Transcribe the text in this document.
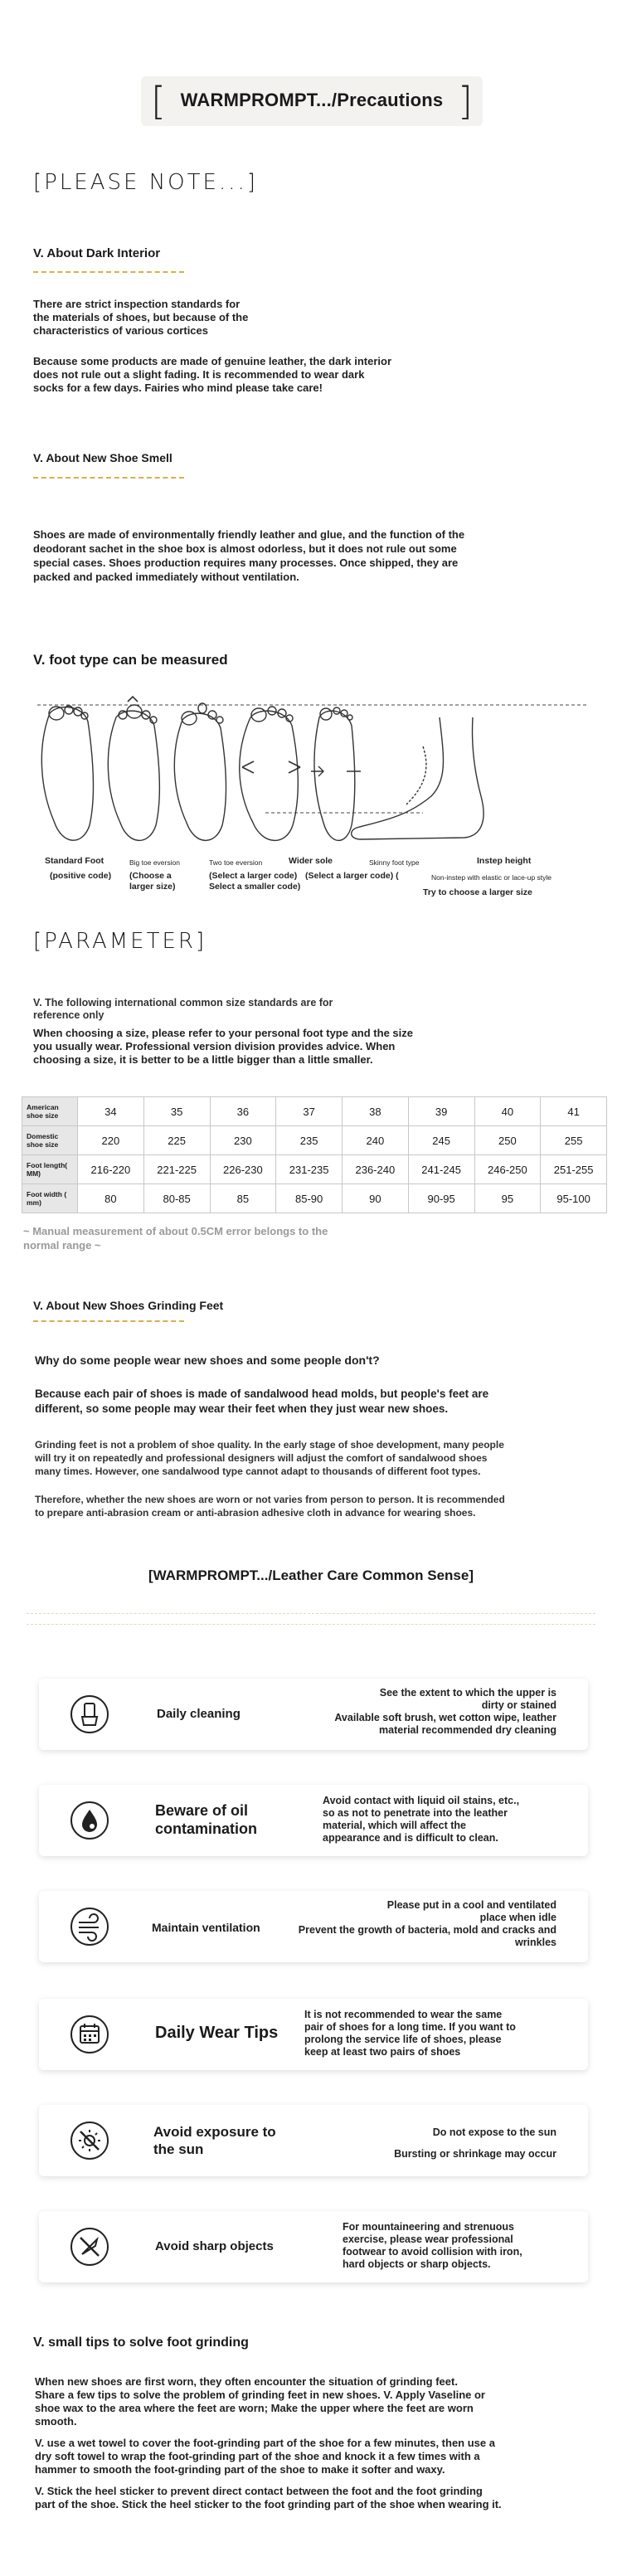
[ WARMPROMPT.../Precautions ]
[PLEASE NOTE...]
V. About Dark Interior
There are strict inspection standards for
the materials of shoes, but because of the
characteristics of various cortices
Because some products are made of genuine leather, the dark interior
does not rule out a slight fading. It is recommended to wear dark
socks for a few days. Fairies who mind please take care!
V. About New Shoe Smell
Shoes are made of environmentally friendly leather and glue, and the function of the
deodorant sachet in the shoe box is almost odorless, but it does not rule out some
special cases. Shoes production requires many processes. Once shipped, they are
packed and packed immediately without ventilation.
V. foot type can be measured
Standard Foot
(positive code)
Big toe eversion
(Choose a
larger size)
Two toe eversion
(Select a larger code)
Select a smaller code)
Wider sole
(Select a larger code) (
Skinny foot type	Instep height
Non-instep with elastic or lace-up style
Try to choose a larger size
[PARAMETER]
V. The following international common size standards are for
reference only
When choosing a size, please refer to your personal foot type and the size
you usually wear. Professional version division provides advice. When
choosing a size, it is better to be a little bigger than a little smaller.
American shoe size	34	35	36	37	38	39	40	41
Domestic shoe size	220	225	230	235	240	245	250	255
Foot length( MM)	216-220	221-225	226-230	231-235	236-240	241-245	246-250	251-255
Foot width ( mm)	80	80-85	85	85-90	90	90-95	95	95-100
~ Manual measurement of about 0.5CM error belongs to the
normal range ~
V. About New Shoes Grinding Feet
Why do some people wear new shoes and some people don't?
Because each pair of shoes is made of sandalwood head molds, but people's feet are
different, so some people may wear their feet when they just wear new shoes.
Grinding feet is not a problem of shoe quality. In the early stage of shoe development, many people
will try it on repeatedly and professional designers will adjust the comfort of sandalwood shoes
many times. However, one sandalwood type cannot adapt to thousands of different foot types.
Therefore, whether the new shoes are worn or not varies from person to person. It is recommended
to prepare anti-abrasion cream or anti-abrasion adhesive cloth in advance for wearing shoes.
[WARMPROMPT.../Leather Care Common Sense]
Daily cleaning
See the extent to which the upper is
dirty or stained
Available soft brush, wet cotton wipe, leather
material recommended dry cleaning
Beware of oil contamination
Avoid contact with liquid oil stains, etc.,
so as not to penetrate into the leather
material, which will affect the
appearance and is difficult to clean.
Maintain ventilation
Please put in a cool and ventilated
place when idle
Prevent the growth of bacteria, mold and cracks and
wrinkles
Daily Wear Tips
It is not recommended to wear the same
pair of shoes for a long time. If you want to
prolong the service life of shoes, please
keep at least two pairs of shoes
Avoid exposure to the sun
Do not expose to the sun
Bursting or shrinkage may occur
Avoid sharp objects
For mountaineering and strenuous
exercise, please wear professional
footwear to avoid collision with iron,
hard objects or sharp objects.
V. small tips to solve foot grinding
When new shoes are first worn, they often encounter the situation of grinding feet.
Share a few tips to solve the problem of grinding feet in new shoes. V. Apply Vaseline or
shoe wax to the area where the feet are worn; Make the upper where the feet are worn
smooth.
V. use a wet towel to cover the foot-grinding part of the shoe for a few minutes, then use a
dry soft towel to wrap the foot-grinding part of the shoe and knock it a few times with a
hammer to smooth the foot-grinding part of the shoe to make it softer and waxy.
V. Stick the heel sticker to prevent direct contact between the foot and the foot grinding
part of the shoe. Stick the heel sticker to the foot grinding part of the shoe when wearing it.
